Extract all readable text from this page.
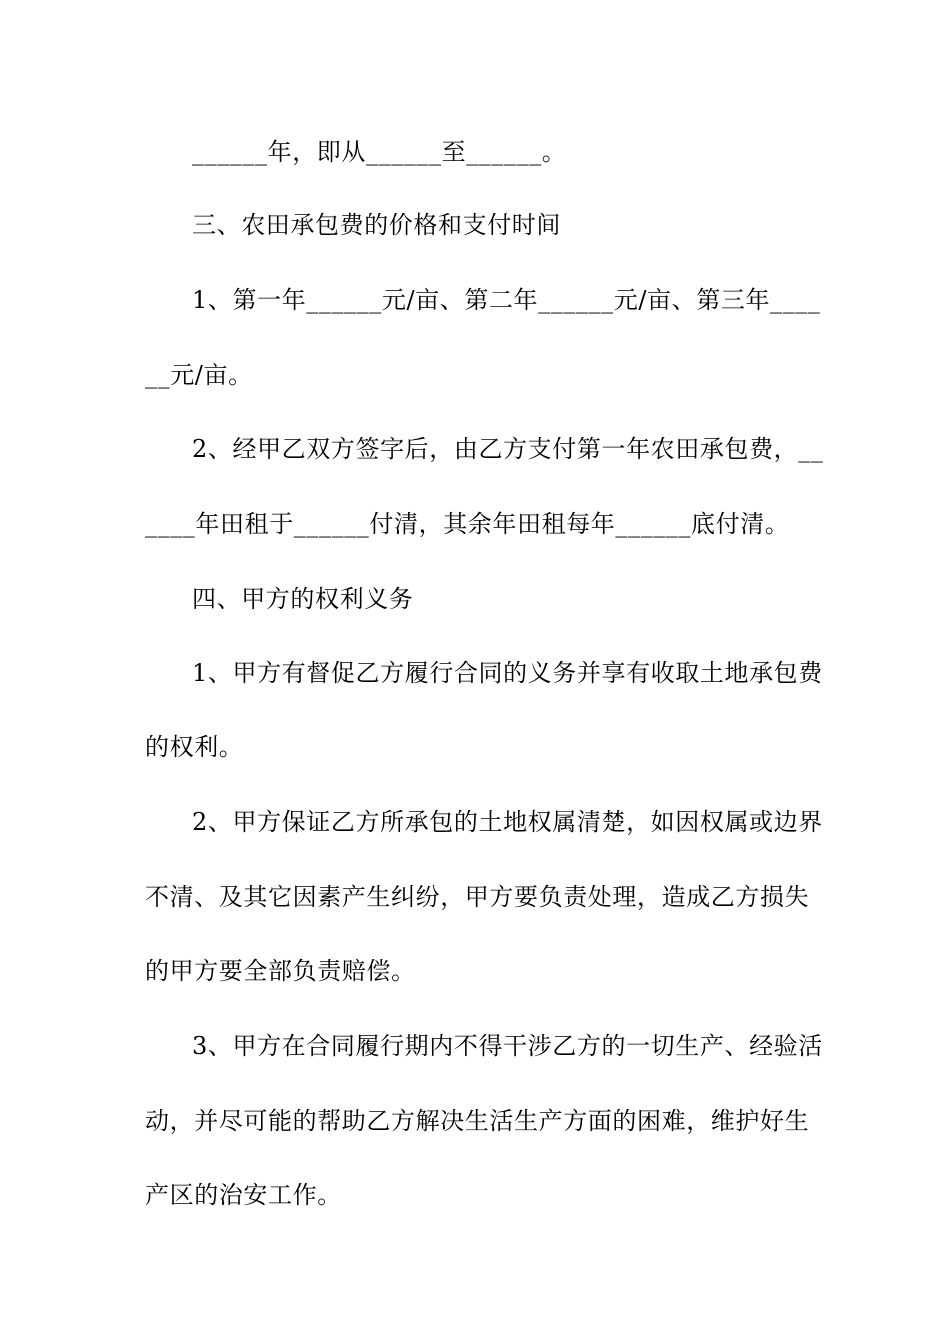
______年，即从______至______。
三、农田承包费的价格和支付时间
1、第一年______元/亩、第二年______元/亩、第三年____
__元/亩。
2、经甲乙双方签字后，由乙方支付第一年农田承包费，__
____年田租于______付清，其余年田租每年______底付清。
四、甲方的权利义务
1、甲方有督促乙方履行合同的义务并享有收取土地承包费
的权利。
2、甲方保证乙方所承包的土地权属清楚，如因权属或边界
不清、及其它因素产生纠纷，甲方要负责处理，造成乙方损失
的甲方要全部负责赔偿。
3、甲方在合同履行期内不得干涉乙方的一切生产、经验活
动，并尽可能的帮助乙方解决生活生产方面的困难，维护好生
产区的治安工作。
